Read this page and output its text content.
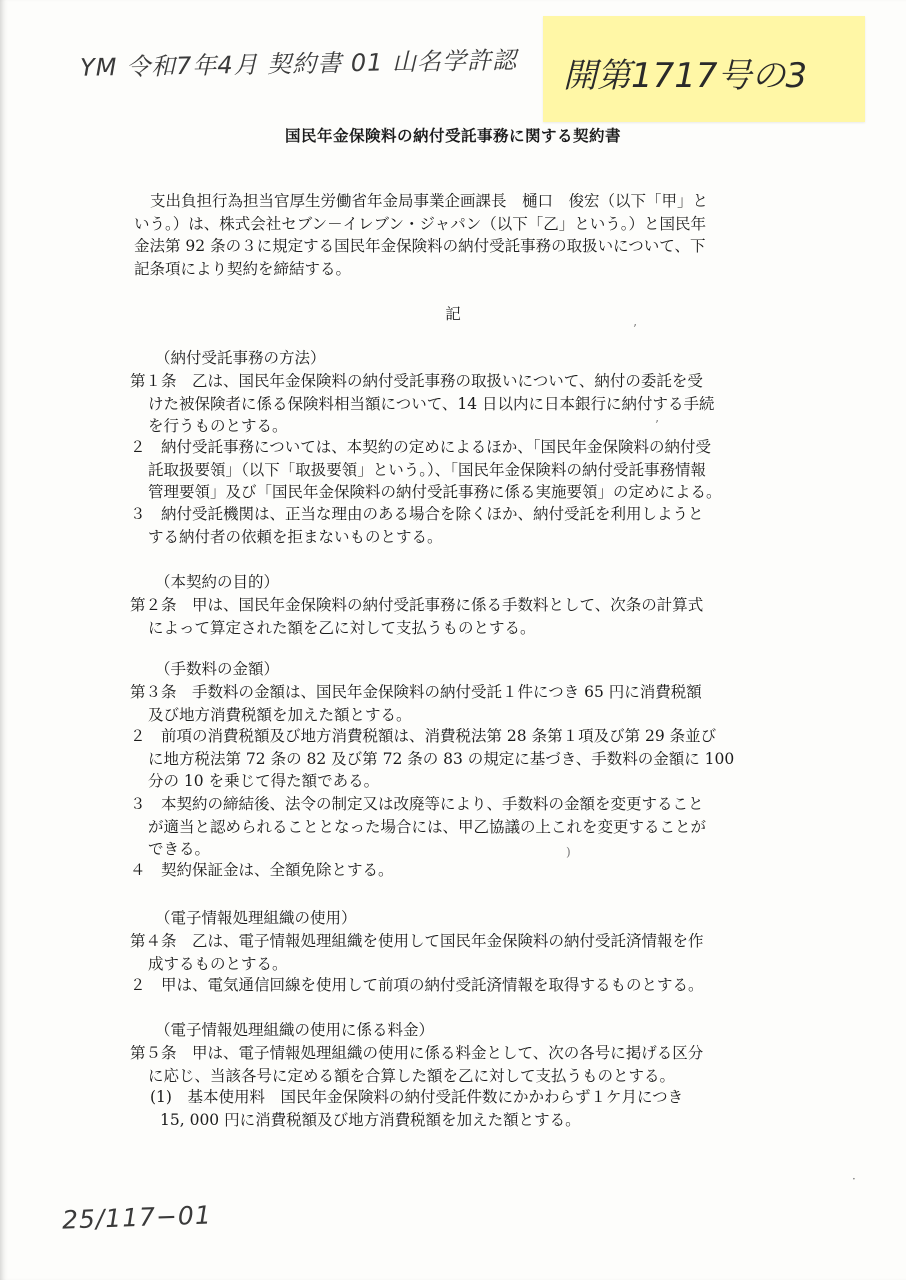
YM 令和7年4月 契約書 01 山名学許認 開第1717号の3
国民年金保険料の納付受託事務に関する契約書
支出負担行為担当官厚生労働省年金局事業企画課長　樋口　俊宏（以下「甲」と
いう。）は、株式会社セブン－イレブン・ジャパン（以下「乙」という。）と国民年
金法第 92 条の３に規定する国民年金保険料の納付受託事務の取扱いについて、下
記条項により契約を締結する。
記
（納付受託事務の方法）
第１条　乙は、国民年金保険料の納付受託事務の取扱いについて、納付の委託を受
けた被保険者に係る保険料相当額について、14 日以内に日本銀行に納付する手続
を行うものとする。
２　納付受託事務については、本契約の定めによるほか、「国民年金保険料の納付受
託取扱要領」（以下「取扱要領」という。）、「国民年金保険料の納付受託事務情報
管理要領」及び「国民年金保険料の納付受託事務に係る実施要領」の定めによる。
３　納付受託機関は、正当な理由のある場合を除くほか、納付受託を利用しようと
する納付者の依頼を拒まないものとする。
（本契約の目的）
第２条　甲は、国民年金保険料の納付受託事務に係る手数料として、次条の計算式
によって算定された額を乙に対して支払うものとする。
（手数料の金額）
第３条　手数料の金額は、国民年金保険料の納付受託１件につき 65 円に消費税額
及び地方消費税額を加えた額とする。
２　前項の消費税額及び地方消費税額は、消費税法第 28 条第１項及び第 29 条並び
に地方税法第 72 条の 82 及び第 72 条の 83 の規定に基づき、手数料の金額に 100
分の 10 を乗じて得た額である。
３　本契約の締結後、法令の制定又は改廃等により、手数料の金額を変更すること
が適当と認められることとなった場合には、甲乙協議の上これを変更することが
できる。
４　契約保証金は、全額免除とする。
（電子情報処理組織の使用）
第４条　乙は、電子情報処理組織を使用して国民年金保険料の納付受託済情報を作
成するものとする。
２　甲は、電気通信回線を使用して前項の納付受託済情報を取得するものとする。
（電子情報処理組織の使用に係る料金）
第５条　甲は、電子情報処理組織の使用に係る料金として、次の各号に掲げる区分
に応じ、当該各号に定める額を合算した額を乙に対して支払うものとする。
(1)　基本使用料　国民年金保険料の納付受託件数にかかわらず１ケ月につき
15, 000 円に消費税額及び地方消費税額を加えた額とする。
25/117−01
’
’
)
·
